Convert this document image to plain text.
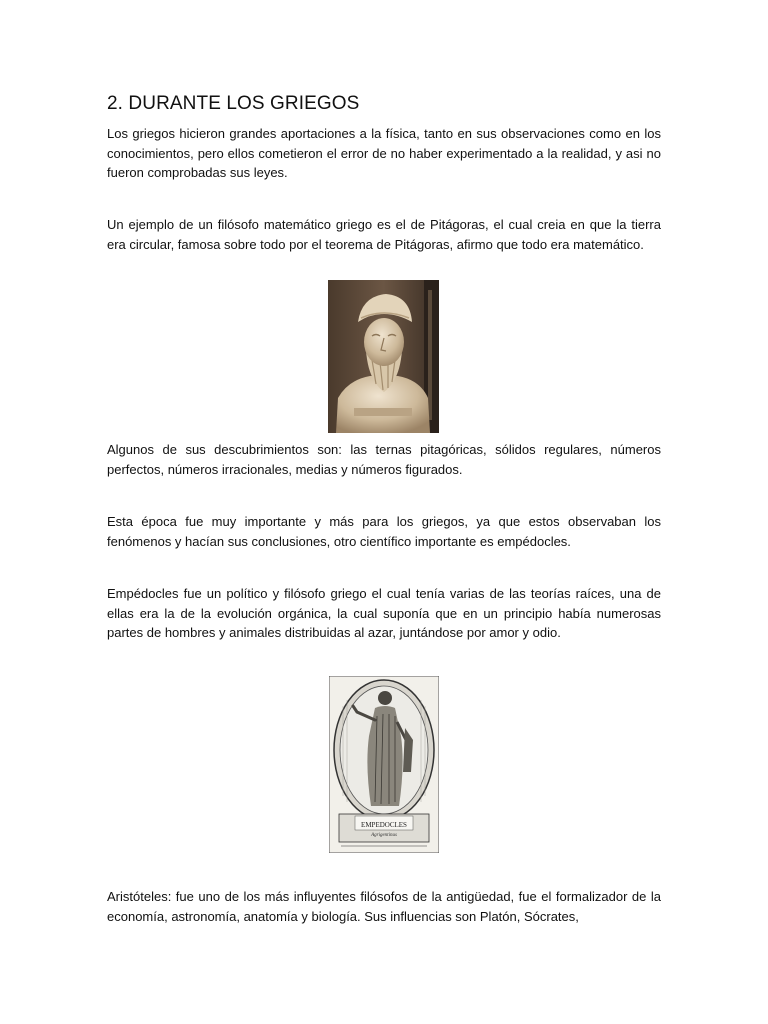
2. DURANTE LOS GRIEGOS

Los griegos hicieron grandes aportaciones a la física, tanto en sus observaciones como en los conocimientos, pero ellos cometieron el error de no haber experimentado a la realidad, y asi no fueron comprobadas sus leyes.

Un ejemplo de un filósofo matemático griego es el de Pitágoras, el cual creia en que la tierra era circular, famosa sobre todo por el teorema de Pitágoras, afirmo que todo era matemático.

Algunos de sus descubrimientos son: las ternas pitagóricas, sólidos regulares, números perfectos, números irracionales, medias y números figurados.

Esta época fue muy importante y más para los griegos, ya que estos observaban los fenómenos y hacían sus conclusiones, otro científico importante es empédocles.

Empédocles fue un político y filósofo griego el cual tenía varias de las teorías raíces, una de ellas era la de la evolución orgánica, la cual suponía que en un principio había numerosas partes de hombres y animales distribuidas al azar, juntándose por amor y odio.

EMPEDOCLES
Agrigentinus

Aristóteles: fue uno de los más influyentes filósofos de la antigüedad, fue el formalizador de la economía, astronomía, anatomía y biología. Sus influencias son Platón, Sócrates,
